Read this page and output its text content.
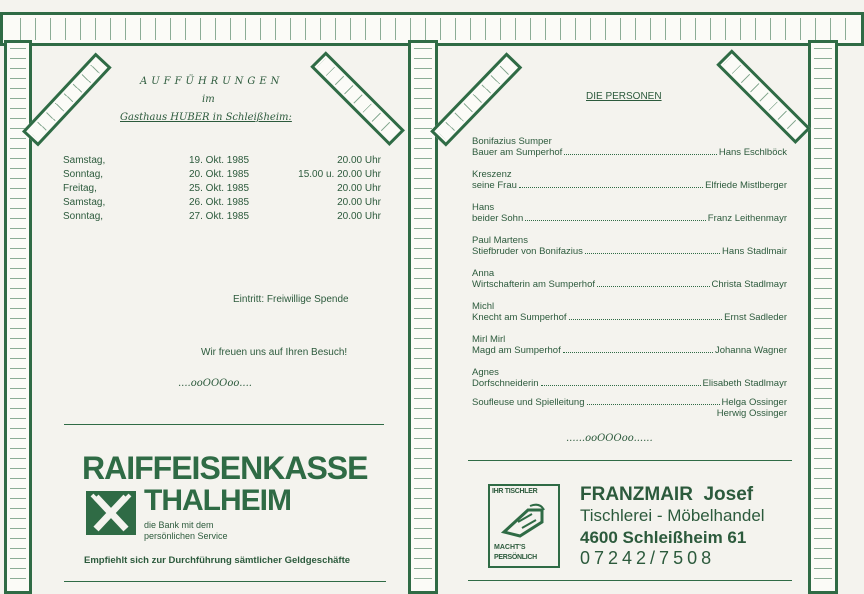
AUFFÜHRUNGEN
im
Gasthaus HUBER in Schleißheim:
Samstag,	19. Okt. 1985	20.00 Uhr
Sonntag,	20. Okt. 1985	15.00 u. 20.00 Uhr
Freitag,	25. Okt. 1985	20.00 Uhr
Samstag,	26. Okt. 1985	20.00 Uhr
Sonntag,	27. Okt. 1985	20.00 Uhr
Eintritt: Freiwillige Spende
Wir freuen uns auf Ihren Besuch!
....ooOOOoo....
RAIFFEISENKASSE
THALHEIM
die Bank mit dem
persönlichen Service
Empfiehlt sich zur Durchführung sämtlicher Geldgeschäfte
DIE PERSONEN
Bonifazius Sumper
Bauer am Sumperhof	Hans Eschlböck
Kreszenz
seine Frau	Elfriede Mistlberger
Hans
beider Sohn	Franz Leithenmayr
Paul Martens
Stiefbruder von Bonifazius	Hans Stadlmair
Anna
Wirtschafterin am Sumperhof	Christa Stadlmayr
Michl
Knecht am Sumperhof	Ernst Sadleder
Mirl Mirl
Magd am Sumperhof	Johanna Wagner
Agnes
Dorfschneiderin	Elisabeth Stadlmayr
Soufleuse und Spielleitung	Helga Ossinger
Herwig Ossinger
......ooOOOoo......
IHR TISCHLER
MACHT'S
PERSÖNLICH
FRANZMAIR  Josef
Tischlerei - Möbelhandel
4600 Schleißheim 61
07242/7508
